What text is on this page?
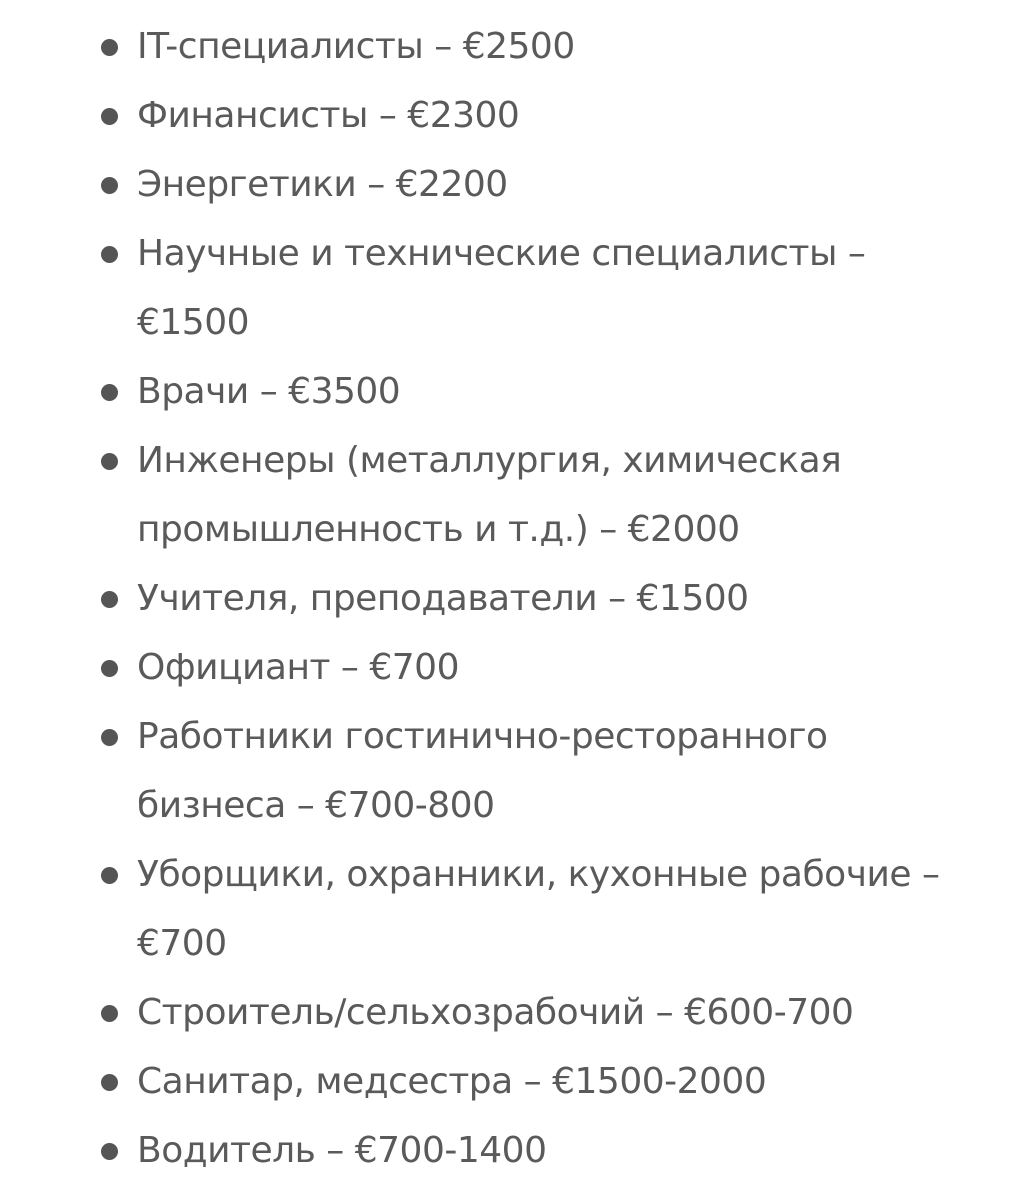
IT-специалисты – €2500
Финансисты – €2300
Энергетики – €2200
Научные и технические специалисты – €1500
Врачи – €3500
Инженеры (металлургия, химическая промышленность и т.д.) – €2000
Учителя, преподаватели – €1500
Официант – €700
Работники гостинично-ресторанного бизнеса – €700-800
Уборщики, охранники, кухонные рабочие – €700
Строитель/сельхозрабочий – €600-700
Санитар, медсестра – €1500-2000
Водитель – €700-1400
